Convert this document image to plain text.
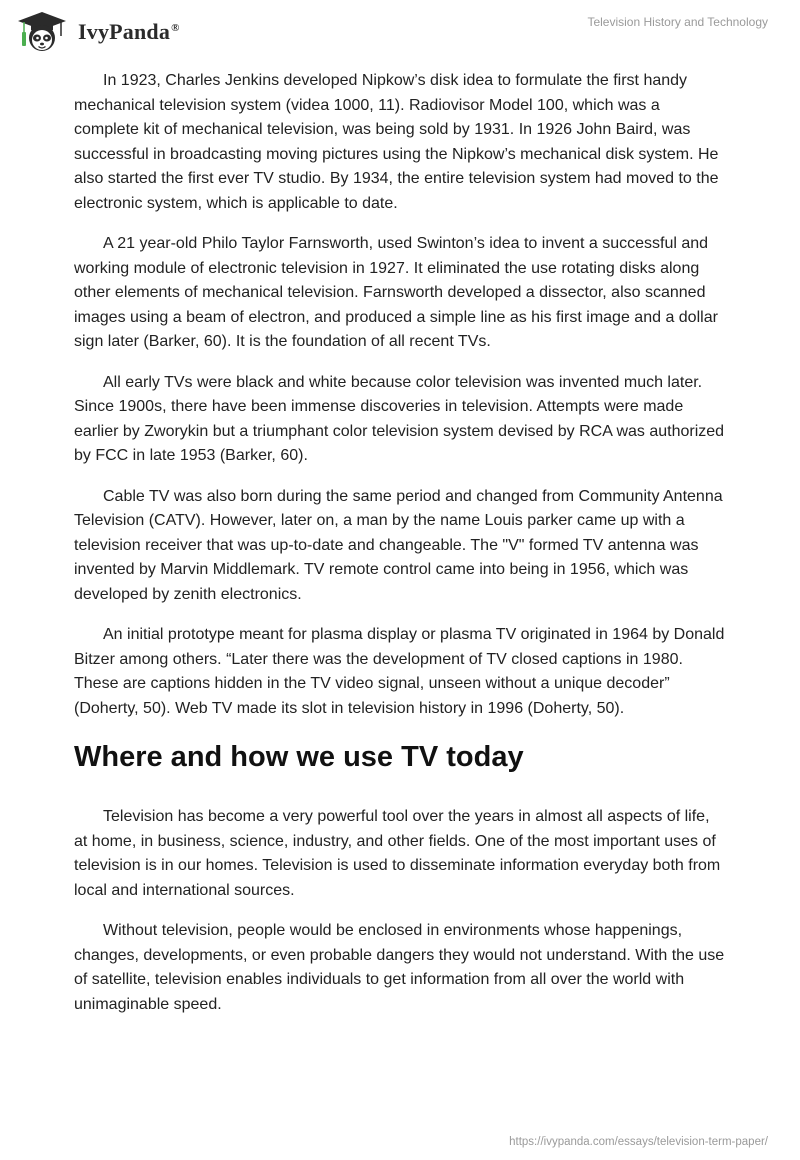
IvyPanda®	Television History and Technology

In 1923, Charles Jenkins developed Nipkow’s disk idea to formulate the first handy mechanical television system (videa 1000, 11). Radiovisor Model 100, which was a complete kit of mechanical television, was being sold by 1931. In 1926 John Baird, was successful in broadcasting moving pictures using the Nipkow’s mechanical disk system. He also started the first ever TV studio. By 1934, the entire television system had moved to the electronic system, which is applicable to date.

A 21 year-old Philo Taylor Farnsworth, used Swinton’s idea to invent a successful and working module of electronic television in 1927. It eliminated the use rotating disks along other elements of mechanical television. Farnsworth developed a dissector, also scanned images using a beam of electron, and produced a simple line as his first image and a dollar sign later (Barker, 60). It is the foundation of all recent TVs.

All early TVs were black and white because color television was invented much later. Since 1900s, there have been immense discoveries in television. Attempts were made earlier by Zworykin but a triumphant color television system devised by RCA was authorized by FCC in late 1953 (Barker, 60).

Cable TV was also born during the same period and changed from Community Antenna Television (CATV). However, later on, a man by the name Louis parker came up with a television receiver that was up-to-date and changeable. The "V" formed TV antenna was invented by Marvin Middlemark. TV remote control came into being in 1956, which was developed by zenith electronics.

An initial prototype meant for plasma display or plasma TV originated in 1964 by Donald Bitzer among others. “Later there was the development of TV closed captions in 1980. These are captions hidden in the TV video signal, unseen without a unique decoder” (Doherty, 50). Web TV made its slot in television history in 1996 (Doherty, 50).

Where and how we use TV today

Television has become a very powerful tool over the years in almost all aspects of life, at home, in business, science, industry, and other fields. One of the most important uses of television is in our homes. Television is used to disseminate information everyday both from local and international sources.

Without television, people would be enclosed in environments whose happenings, changes, developments, or even probable dangers they would not understand. With the use of satellite, television enables individuals to get information from all over the world with unimaginable speed.

https://ivypanda.com/essays/television-term-paper/
